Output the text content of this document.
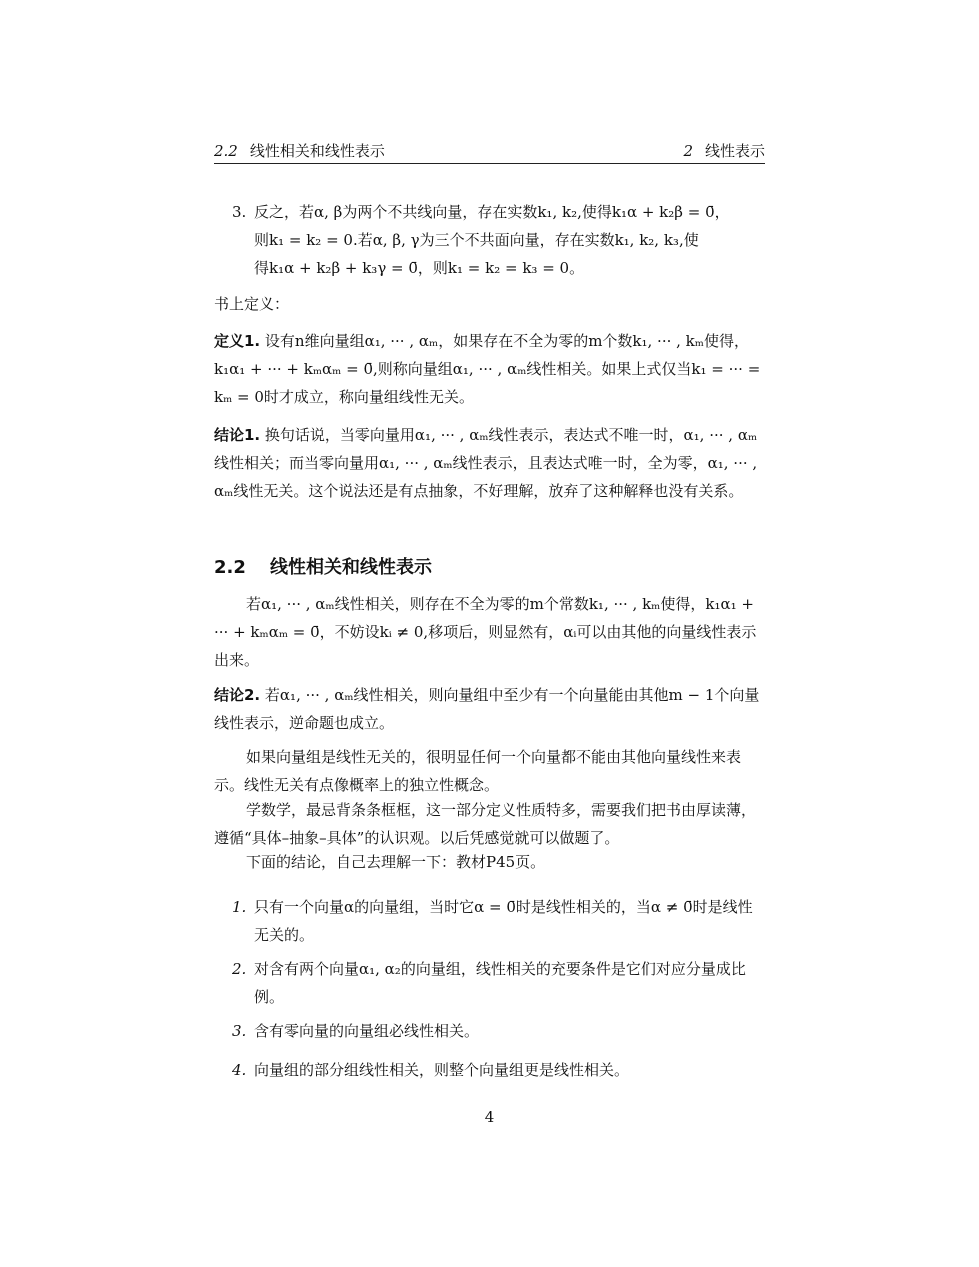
2.2 线性相关和线性表示	2 线性表示
3. 反之，若α, β为两个不共线向量，存在实数k₁, k₂,使得k₁α + k₂β = 0̄，
则k₁ = k₂ = 0.若α, β, γ为三个不共面向量，存在实数k₁, k₂, k₃,使
得k₁α + k₂β + k₃γ = 0̄，则k₁ = k₂ = k₃ = 0。
书上定义：
定义1. 设有n维向量组α₁, ··· , αₘ，如果存在不全为零的m个数k₁, ··· , kₘ使得，k₁α₁ + ··· + kₘαₘ = 0̄,则称向量组α₁, ··· , αₘ线性相关。如果上式仅当k₁ = ··· = kₘ = 0时才成立，称向量组线性无关。
结论1. 换句话说，当零向量用α₁, ··· , αₘ线性表示，表达式不唯一时，α₁, ··· , αₘ线性相关；而当零向量用α₁, ··· , αₘ线性表示，且表达式唯一时，全为零，α₁, ··· , αₘ线性无关。这个说法还是有点抽象，不好理解，放弃了这种解释也没有关系。
2.2 线性相关和线性表示
若α₁, ··· , αₘ线性相关，则存在不全为零的m个常数k₁, ··· , kₘ使得，k₁α₁ + ··· + kₘαₘ = 0̄，不妨设kᵢ ≠ 0,移项后，则显然有，αᵢ可以由其他的向量线性表示出来。
结论2. 若α₁, ··· , αₘ线性相关，则向量组中至少有一个向量能由其他m − 1个向量线性表示，逆命题也成立。
如果向量组是线性无关的，很明显任何一个向量都不能由其他向量线性来表示。线性无关有点像概率上的独立性概念。
学数学，最忌背条条框框，这一部分定义性质特多，需要我们把书由厚读薄，遵循“具体–抽象–具体”的认识观。以后凭感觉就可以做题了。
下面的结论，自己去理解一下：教材P45页。
1. 只有一个向量α的向量组，当时它α = 0̄时是线性相关的，当α ≠ 0̄时是线性无关的。
2. 对含有两个向量α₁, α₂的向量组，线性相关的充要条件是它们对应分量成比例。
3. 含有零向量的向量组必线性相关。
4. 向量组的部分组线性相关，则整个向量组更是线性相关。
4
